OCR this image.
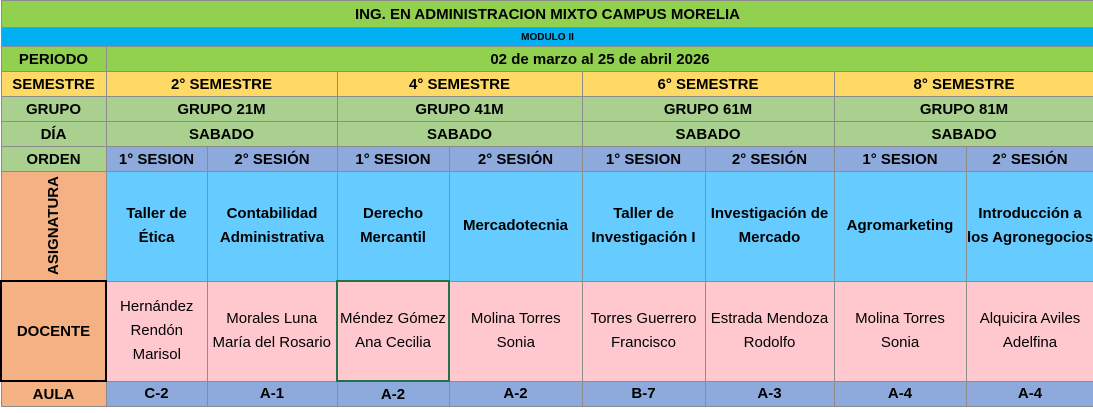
ING. EN ADMINISTRACION MIXTO CAMPUS MORELIA								
MODULO II								
PERIODO	02 de marzo al 25 de abril 2026							
SEMESTRE	2° SEMESTRE		4° SEMESTRE		6° SEMESTRE		8° SEMESTRE	
GRUPO	GRUPO 21M		GRUPO 41M		GRUPO 61M		GRUPO 81M	
DÍA	SABADO		SABADO		SABADO		SABADO	
ORDEN	1° SESION	2° SESIÓN	1° SESION	2° SESIÓN	1° SESION	2° SESIÓN	1° SESION	2° SESIÓN
ASIGNATURA	Taller de Ética	Contabilidad Administrativa	Derecho Mercantil	Mercadotecnia	Taller de Investigación I	Investigación de Mercado	Agromarketing	Introducción a los Agronegocios
DOCENTE	Hernández Rendón Marisol	Morales Luna María del Rosario	Méndez Gómez Ana Cecilia	Molina Torres Sonia	Torres Guerrero Francisco	Estrada Mendoza Rodolfo	Molina Torres Sonia	Alquicira Aviles Adelfina
AULA	C-2	A-1	A-2	A-2	B-7	A-3	A-4	A-4
